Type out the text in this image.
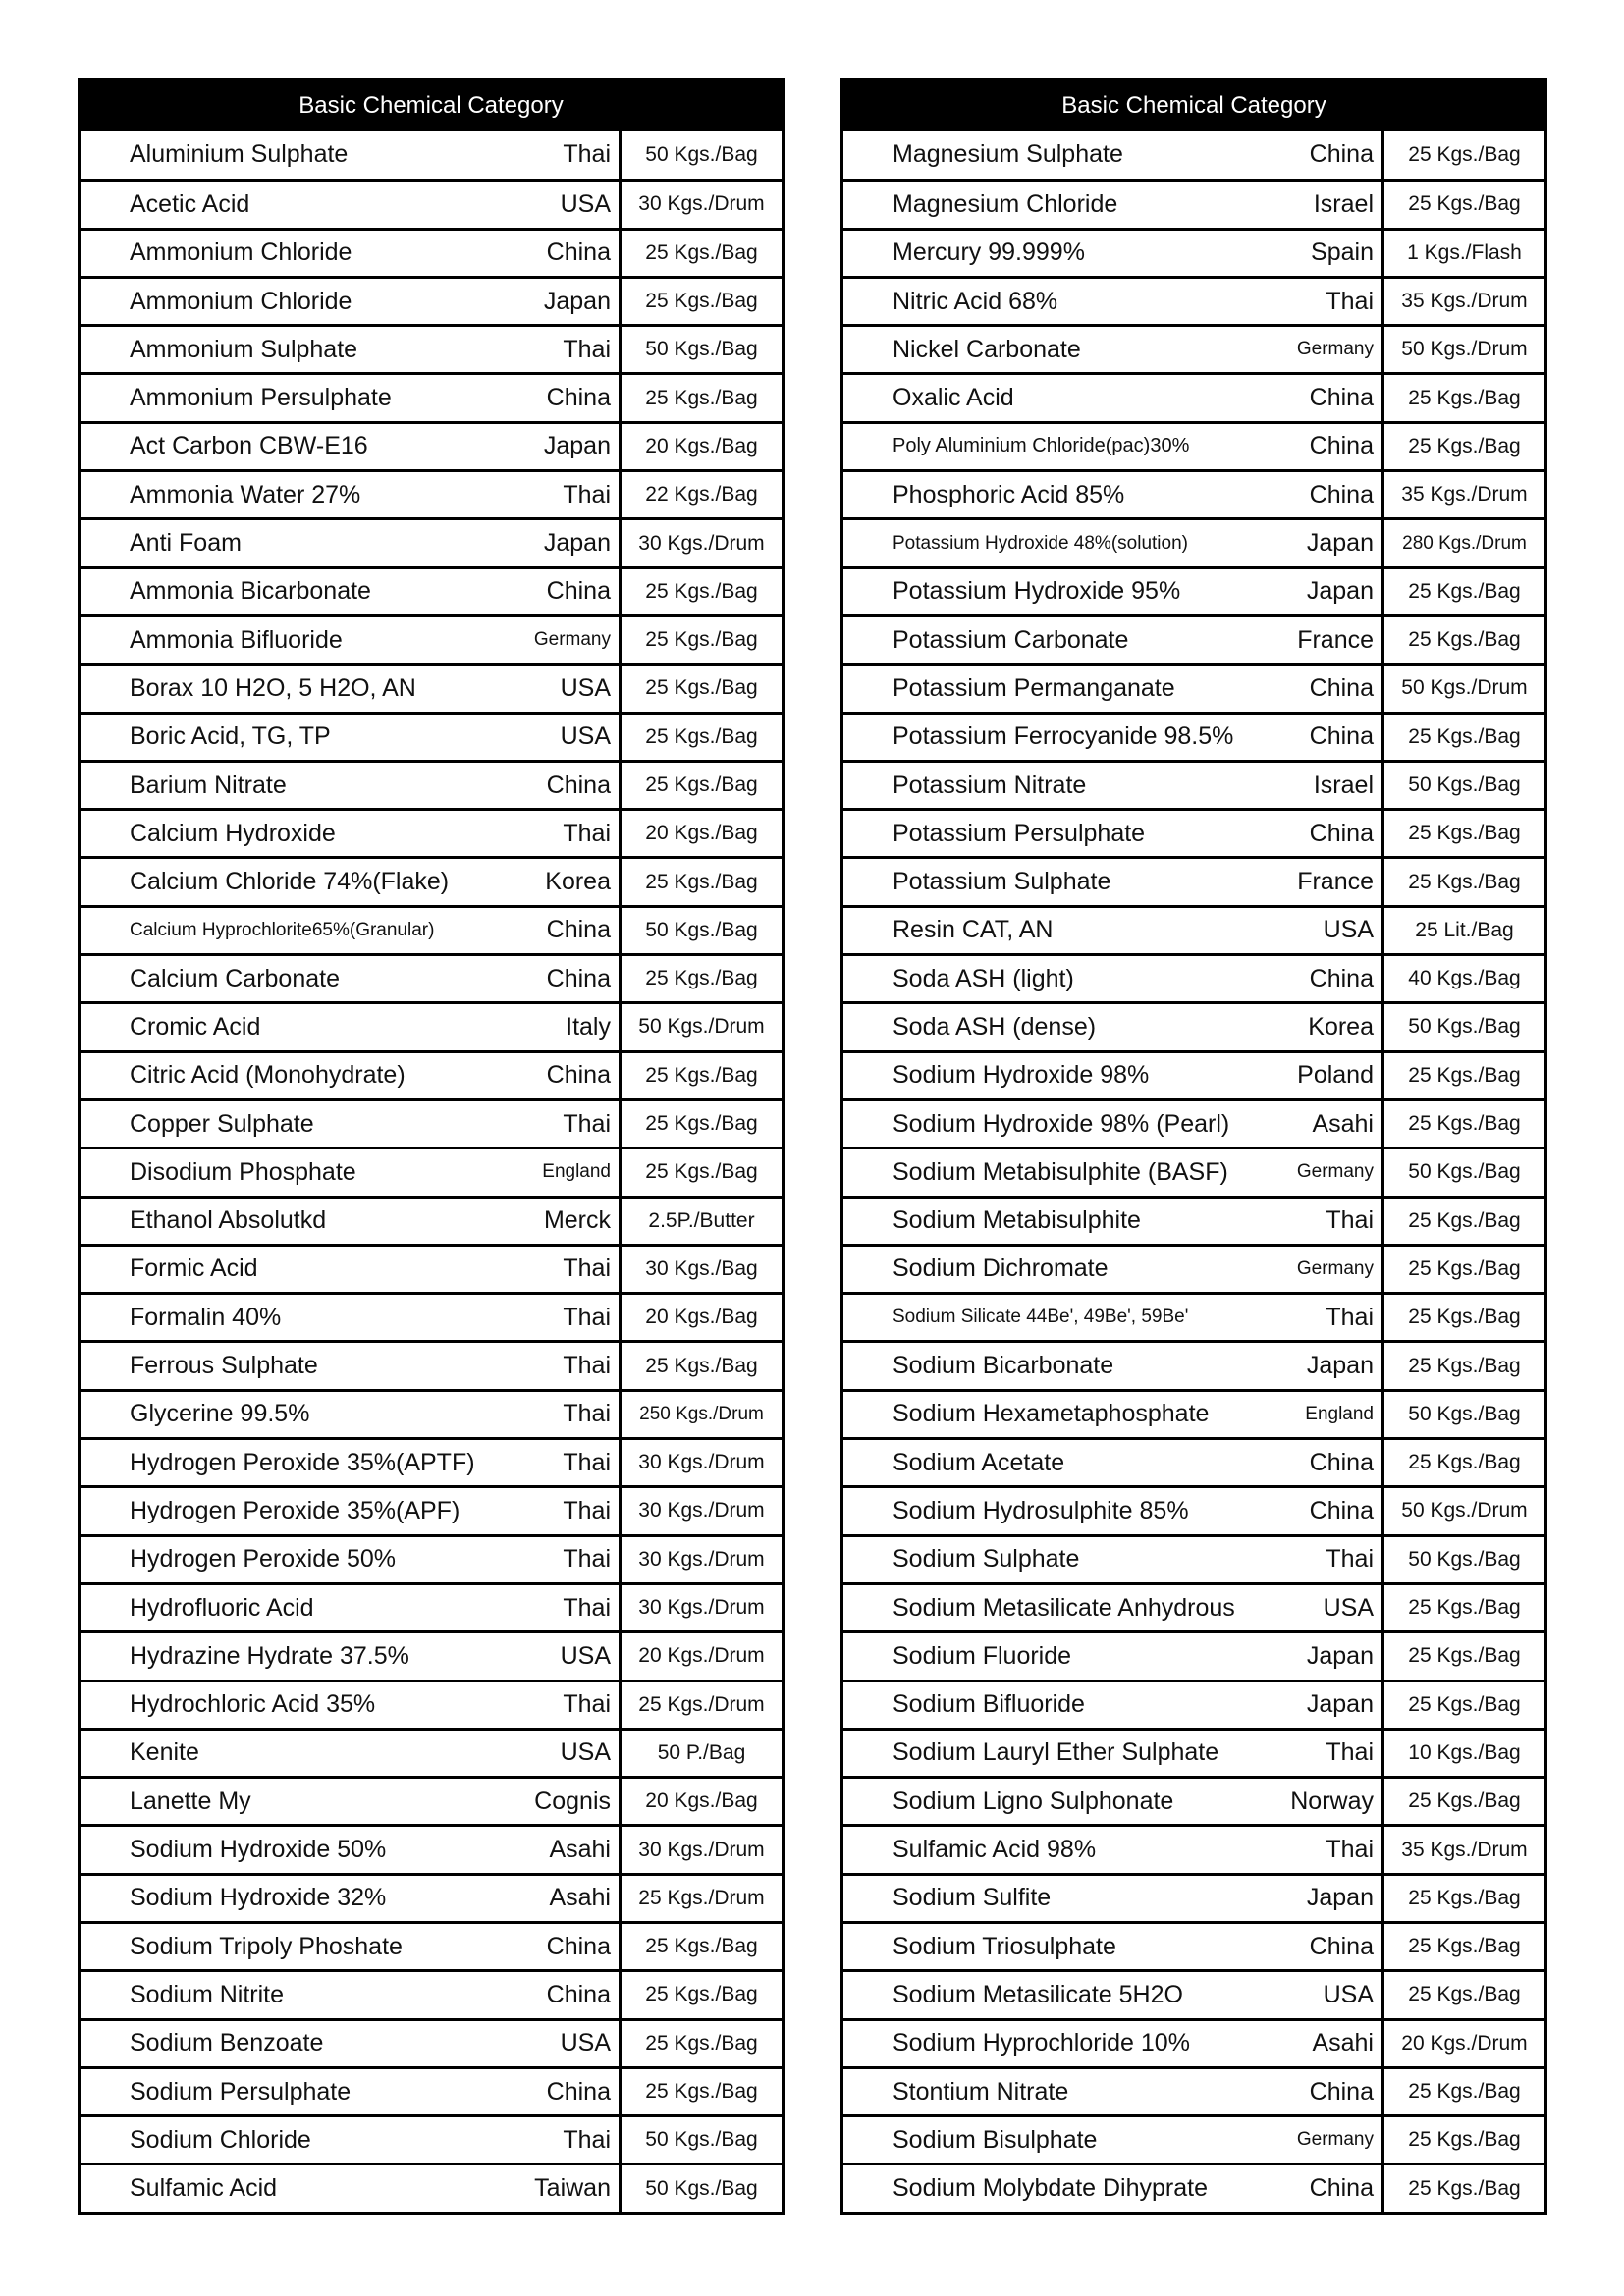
Basic Chemical Category
Aluminium Sulphate	Thai	50 Kgs./Bag
Acetic Acid	USA	30 Kgs./Drum
Ammonium Chloride	China	25 Kgs./Bag
Ammonium Chloride	Japan	25 Kgs./Bag
Ammonium Sulphate	Thai	50 Kgs./Bag
Ammonium Persulphate	China	25 Kgs./Bag
Act Carbon CBW-E16	Japan	20 Kgs./Bag
Ammonia Water 27%	Thai	22 Kgs./Bag
Anti Foam	Japan	30 Kgs./Drum
Ammonia Bicarbonate	China	25 Kgs./Bag
Ammonia Bifluoride	Germany	25 Kgs./Bag
Borax 10 H2O, 5 H2O, AN	USA	25 Kgs./Bag
Boric Acid, TG, TP	USA	25 Kgs./Bag
Barium Nitrate	China	25 Kgs./Bag
Calcium Hydroxide	Thai	20 Kgs./Bag
Calcium Chloride 74%(Flake)	Korea	25 Kgs./Bag
Calcium Hyprochlorite65%(Granular)	China	50 Kgs./Bag
Calcium Carbonate	China	25 Kgs./Bag
Cromic Acid	Italy	50 Kgs./Drum
Citric Acid (Monohydrate)	China	25 Kgs./Bag
Copper Sulphate	Thai	25 Kgs./Bag
Disodium Phosphate	England	25 Kgs./Bag
Ethanol Absolutkd	Merck	2.5P./Butter
Formic Acid	Thai	30 Kgs./Bag
Formalin 40%	Thai	20 Kgs./Bag
Ferrous Sulphate	Thai	25 Kgs./Bag
Glycerine 99.5%	Thai	250 Kgs./Drum
Hydrogen Peroxide 35%(APTF)	Thai	30 Kgs./Drum
Hydrogen Peroxide 35%(APF)	Thai	30 Kgs./Drum
Hydrogen Peroxide 50%	Thai	30 Kgs./Drum
Hydrofluoric Acid	Thai	30 Kgs./Drum
Hydrazine Hydrate 37.5%	USA	20 Kgs./Drum
Hydrochloric Acid 35%	Thai	25 Kgs./Drum
Kenite	USA	50 P./Bag
Lanette My	Cognis	20 Kgs./Bag
Sodium Hydroxide 50%	Asahi	30 Kgs./Drum
Sodium Hydroxide 32%	Asahi	25 Kgs./Drum
Sodium Tripoly Phoshate	China	25 Kgs./Bag
Sodium Nitrite	China	25 Kgs./Bag
Sodium Benzoate	USA	25 Kgs./Bag
Sodium Persulphate	China	25 Kgs./Bag
Sodium Chloride	Thai	50 Kgs./Bag
Sulfamic Acid	Taiwan	50 Kgs./Bag
Basic Chemical Category
Magnesium Sulphate	China	25 Kgs./Bag
Magnesium Chloride	Israel	25 Kgs./Bag
Mercury 99.999%	Spain	1 Kgs./Flash
Nitric Acid 68%	Thai	35 Kgs./Drum
Nickel Carbonate	Germany	50 Kgs./Drum
Oxalic Acid	China	25 Kgs./Bag
Poly Aluminium Chloride(pac)30%	China	25 Kgs./Bag
Phosphoric Acid 85%	China	35 Kgs./Drum
Potassium Hydroxide 48%(solution)	Japan	280 Kgs./Drum
Potassium Hydroxide 95%	Japan	25 Kgs./Bag
Potassium Carbonate	France	25 Kgs./Bag
Potassium Permanganate	China	50 Kgs./Drum
Potassium Ferrocyanide 98.5%	China	25 Kgs./Bag
Potassium Nitrate	Israel	50 Kgs./Bag
Potassium Persulphate	China	25 Kgs./Bag
Potassium Sulphate	France	25 Kgs./Bag
Resin CAT, AN	USA	25 Lit./Bag
Soda ASH (light)	China	40 Kgs./Bag
Soda ASH (dense)	Korea	50 Kgs./Bag
Sodium Hydroxide 98%	Poland	25 Kgs./Bag
Sodium Hydroxide 98% (Pearl)	Asahi	25 Kgs./Bag
Sodium Metabisulphite (BASF)	Germany	50 Kgs./Bag
Sodium Metabisulphite	Thai	25 Kgs./Bag
Sodium Dichromate	Germany	25 Kgs./Bag
Sodium Silicate 44Be', 49Be', 59Be'	Thai	25 Kgs./Bag
Sodium Bicarbonate	Japan	25 Kgs./Bag
Sodium Hexametaphosphate	England	50 Kgs./Bag
Sodium Acetate	China	25 Kgs./Bag
Sodium Hydrosulphite 85%	China	50 Kgs./Drum
Sodium Sulphate	Thai	50 Kgs./Bag
Sodium Metasilicate Anhydrous	USA	25 Kgs./Bag
Sodium Fluoride	Japan	25 Kgs./Bag
Sodium Bifluoride	Japan	25 Kgs./Bag
Sodium Lauryl Ether Sulphate	Thai	10 Kgs./Bag
Sodium Ligno Sulphonate	Norway	25 Kgs./Bag
Sulfamic Acid 98%	Thai	35 Kgs./Drum
Sodium Sulfite	Japan	25 Kgs./Bag
Sodium Triosulphate	China	25 Kgs./Bag
Sodium Metasilicate 5H2O	USA	25 Kgs./Bag
Sodium Hyprochloride 10%	Asahi	20 Kgs./Drum
Stontium Nitrate	China	25 Kgs./Bag
Sodium Bisulphate	Germany	25 Kgs./Bag
Sodium Molybdate Dihyprate	China	25 Kgs./Bag
